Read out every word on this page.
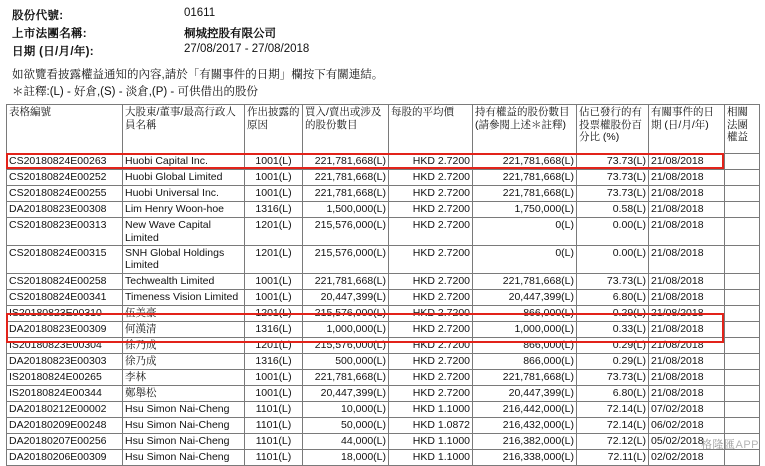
股份代號:	01611
上市法團名稱:	桐城控股有限公司
日期 (日/月/年):	27/08/2017 - 27/08/2018
如欲覽看披露權益通知的內容,請於「有關事件的日期」欄按下有關連結。
＊註釋:(L) - 好倉,(S) - 淡倉,(P) - 可供借出的股份
表格編號	大股東/董事/最高行政人員名稱	作出披露的原因	買入/賣出或涉及的股份數目	每股的平均價	持有權益的股份數目 (請參閱上述＊註釋)	佔已發行的有投票權股份百分比 (%)	有關事件的日期 (日/月/年)	相關法團權益
CS20180824E00263	Huobi Capital Inc.	1001(L)	221,781,668(L)	HKD 2.7200	221,781,668(L)	73.73(L)	21/08/2018	
CS20180824E00252	Huobi Global Limited	1001(L)	221,781,668(L)	HKD 2.7200	221,781,668(L)	73.73(L)	21/08/2018	
CS20180824E00255	Huobi Universal Inc.	1001(L)	221,781,668(L)	HKD 2.7200	221,781,668(L)	73.73(L)	21/08/2018	
DA20180823E00308	Lim Henry Woon-hoe	1316(L)	1,500,000(L)	HKD 2.7200	1,750,000(L)	0.58(L)	21/08/2018	
CS20180823E00313	New Wave Capital Limited	1201(L)	215,576,000(L)	HKD 2.7200	0(L)	0.00(L)	21/08/2018	
CS20180824E00315	SNH Global Holdings Limited	1201(L)	215,576,000(L)	HKD 2.7200	0(L)	0.00(L)	21/08/2018	
CS20180824E00258	Techwealth Limited	1001(L)	221,781,668(L)	HKD 2.7200	221,781,668(L)	73.73(L)	21/08/2018	
CS20180824E00341	Timeness Vision Limited	1001(L)	20,447,399(L)	HKD 2.7200	20,447,399(L)	6.80(L)	21/08/2018	
IS20180823E00310	伍美豪	1201(L)	215,576,000(L)	HKD 2.7200	866,000(L)	0.29(L)	21/08/2018	
DA20180823E00309	何漢清	1316(L)	1,000,000(L)	HKD 2.7200	1,000,000(L)	0.33(L)	21/08/2018	
IS20180823E00304	徐乃成	1201(L)	215,576,000(L)	HKD 2.7200	866,000(L)	0.29(L)	21/08/2018	
DA20180823E00303	徐乃成	1316(L)	500,000(L)	HKD 2.7200	866,000(L)	0.29(L)	21/08/2018	
IS20180824E00265	李林	1001(L)	221,781,668(L)	HKD 2.7200	221,781,668(L)	73.73(L)	21/08/2018	
IS20180824E00344	鄭舉松	1001(L)	20,447,399(L)	HKD 2.7200	20,447,399(L)	6.80(L)	21/08/2018	
DA20180212E00002	Hsu Simon Nai-Cheng	1101(L)	10,000(L)	HKD 1.1000	216,442,000(L)	72.14(L)	07/02/2018	
DA20180209E00248	Hsu Simon Nai-Cheng	1101(L)	50,000(L)	HKD 1.0872	216,432,000(L)	72.14(L)	06/02/2018	
DA20180207E00256	Hsu Simon Nai-Cheng	1101(L)	44,000(L)	HKD 1.1000	216,382,000(L)	72.12(L)	05/02/2018	
DA20180206E00309	Hsu Simon Nai-Cheng	1101(L)	18,000(L)	HKD 1.1000	216,338,000(L)	72.11(L)	02/02/2018	
格隆匯APP
